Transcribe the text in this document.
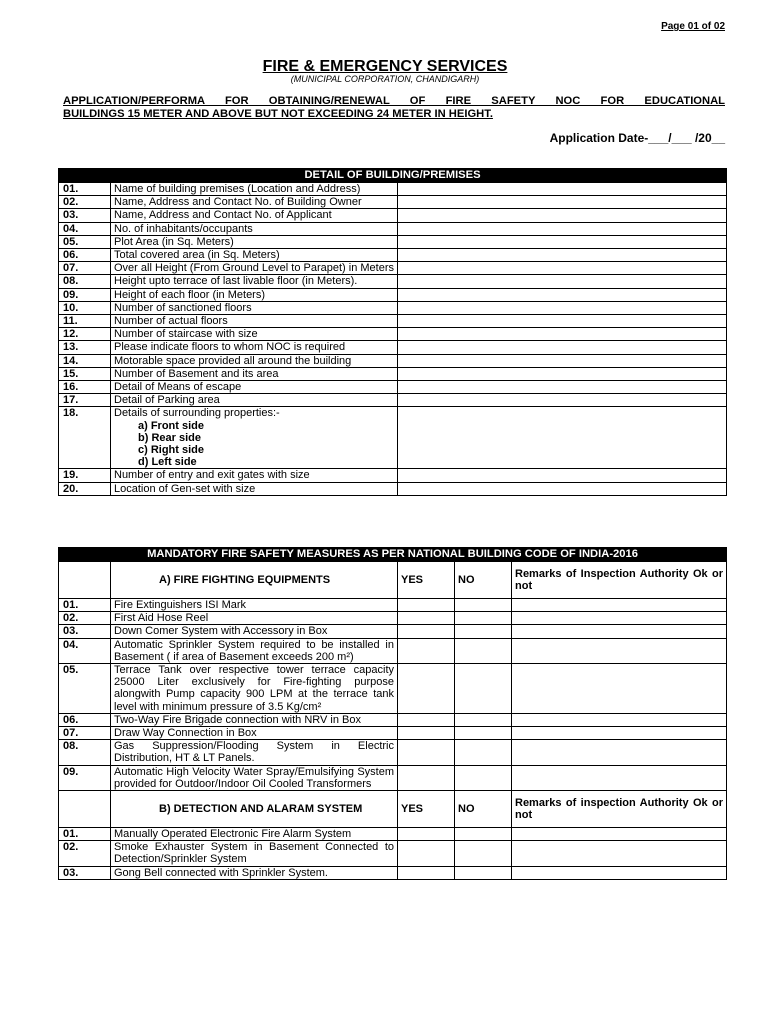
Page 01 of 02
FIRE & EMERGENCY SERVICES
(MUNICIPAL CORPORATION, CHANDIGARH)
APPLICATION/PERFORMA FOR OBTAINING/RENEWAL OF FIRE SAFETY NOC FOR EDUCATIONAL
BUILDINGS 15 METER AND ABOVE BUT NOT EXCEEDING 24 METER IN HEIGHT.
Application Date-___/___ /20__
DETAIL OF BUILDING/PREMISES		
01.	Name of building premises (Location and Address)	
02.	Name, Address and Contact No. of Building Owner	
03.	Name, Address and Contact No. of Applicant	
04.	No. of inhabitants/occupants	
05.	Plot Area (in Sq. Meters)	
06.	Total covered area (in Sq. Meters)	
07.	Over all Height (From Ground Level to Parapet) in Meters	
08.	Height upto terrace of last livable floor (in Meters).	
09.	Height of each floor (in Meters)	
10.	Number of sanctioned floors	
11.	Number of actual floors	
12.	Number of staircase with size	
13.	Please indicate floors to whom NOC is required	
14.	Motorable space provided all around the building	
15.	Number of Basement and its area	
16.	Detail of Means of escape	
17.	Detail of Parking area	
18.	Details of surrounding properties:-
a) Front side
b) Rear side
c) Right side
d) Left side	

19.	Number of entry and exit gates with size	
20.	Location of Gen-set with size	
MANDATORY FIRE SAFETY MEASURES AS PER NATIONAL BUILDING CODE OF INDIA-2016				
	A) FIRE FIGHTING EQUIPMENTS	YES	NO	Remarks of Inspection Authority Ok or not

01.	Fire Extinguishers ISI Mark			
02.	First Aid Hose Reel			
03.	Down Comer System with Accessory in Box			
04.	Automatic Sprinkler System required to be installed in Basement ( if area of Basement exceeds 200 m²)			
05.	Terrace Tank over respective tower terrace capacity 25000 Liter exclusively for Fire-fighting purpose alongwith Pump capacity 900 LPM at the terrace tank level with minimum pressure of 3.5 Kg/cm²			
06.	Two-Way Fire Brigade connection with NRV in Box			
07.	Draw Way Connection in Box			
08.	Gas Suppression/Flooding System in Electric Distribution, HT & LT Panels.			
09.	Automatic High Velocity Water Spray/Emulsifying System provided for Outdoor/Indoor Oil Cooled Transformers			
	B) DETECTION AND ALARAM SYSTEM	YES	NO	Remarks of inspection Authority Ok or not

01.	Manually Operated Electronic Fire Alarm System			
02.	Smoke Exhauster System in Basement Connected to Detection/Sprinkler System			
03.	Gong Bell connected with Sprinkler System.			
